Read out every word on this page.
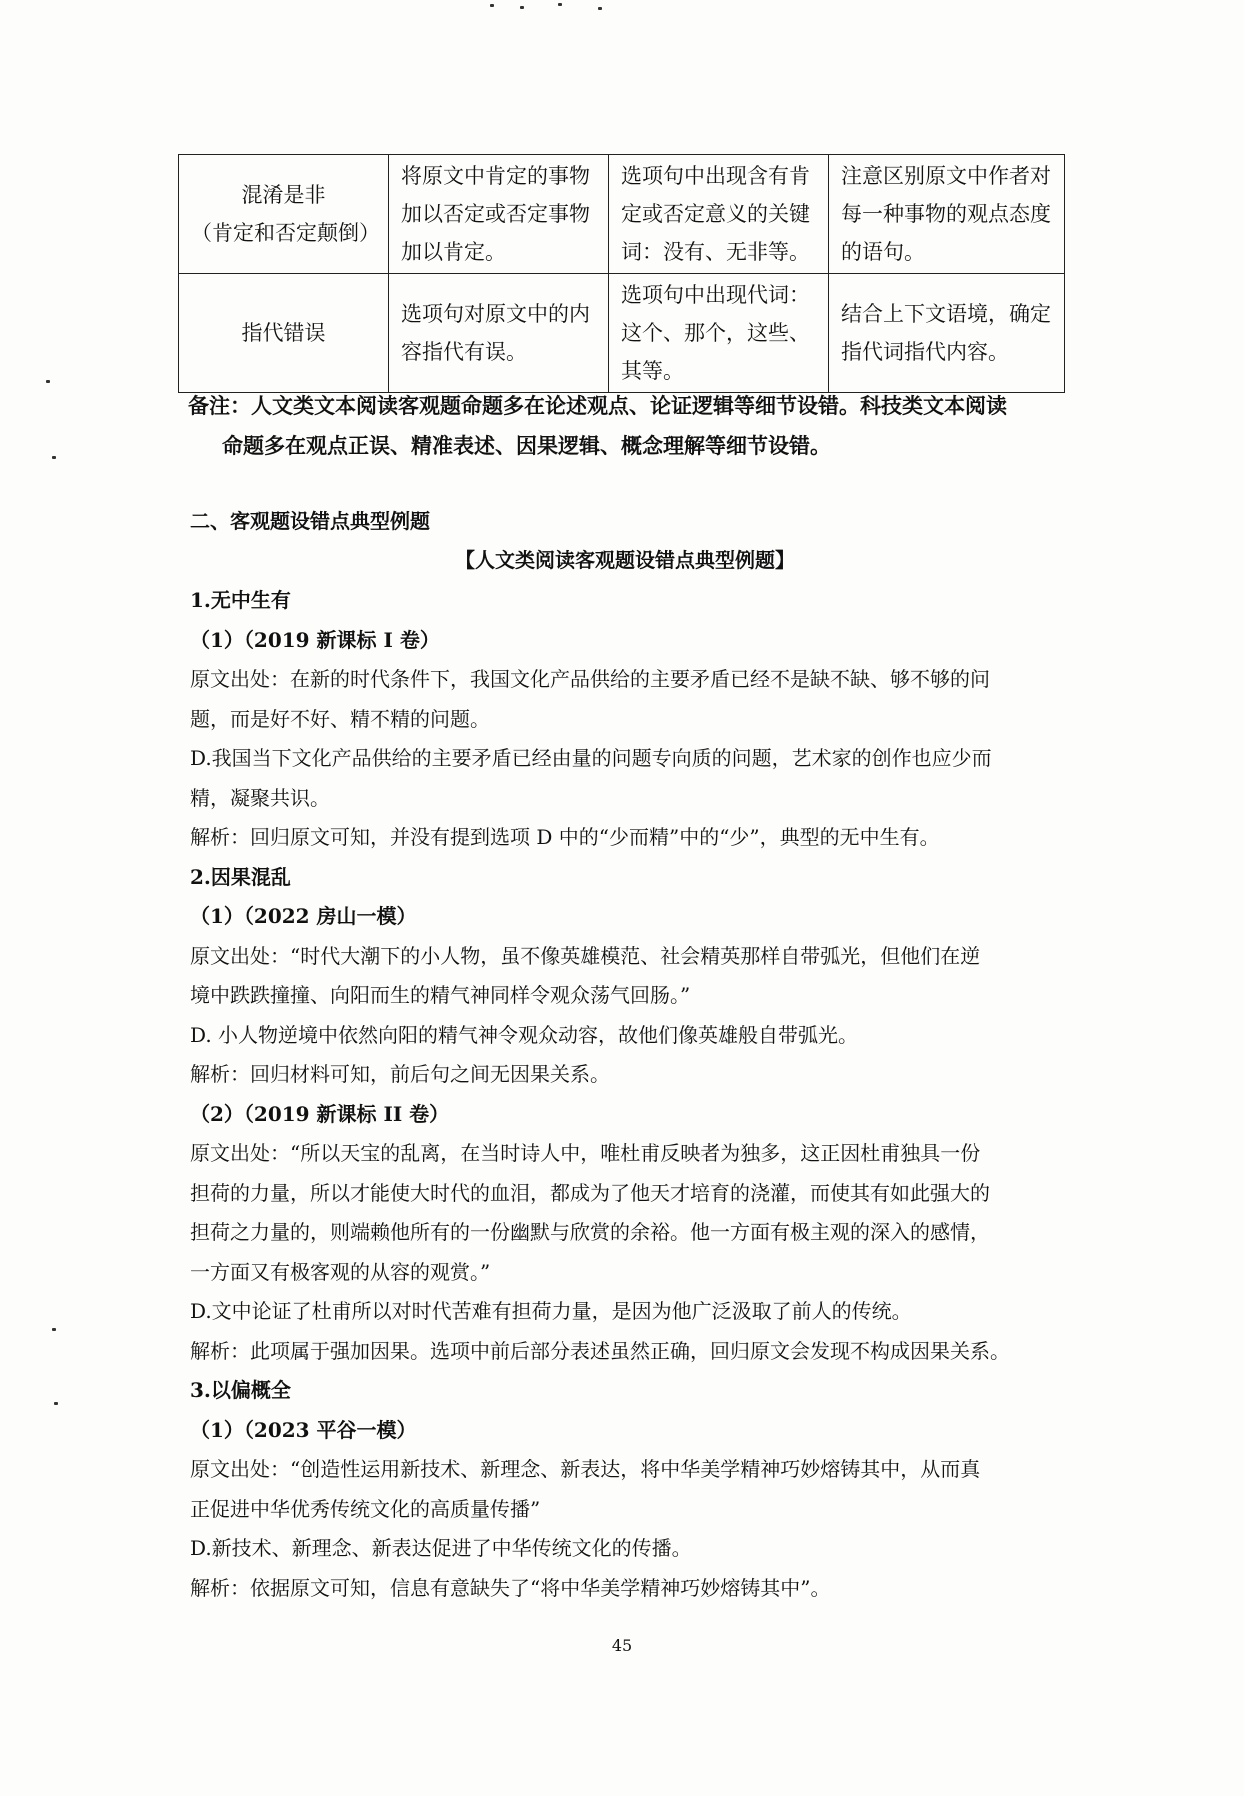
混淆是非
（肯定和否定颠倒）	将原文中肯定的事物加以否定或否定事物加以肯定。	选项句中出现含有肯定或否定意义的关键词：没有、无非等。	注意区别原文中作者对每一种事物的观点态度的语句。

指代错误	选项句对原文中的内容指代有误。	选项句中出现代词：这个、那个，这些、其等。	结合上下文语境，确定指代词指代内容。

备注：人文类文本阅读客观题命题多在论述观点、论证逻辑等细节设错。科技类文本阅读

命题多在观点正误、精准表述、因果逻辑、概念理解等细节设错。

二、客观题设错点典型例题

【人文类阅读客观题设错点典型例题】

1.无中生有

（1）（2019 新课标 I 卷）

原文出处：在新的时代条件下，我国文化产品供给的主要矛盾已经不是缺不缺、够不够的问

题，而是好不好、精不精的问题。

D.我国当下文化产品供给的主要矛盾已经由量的问题专向质的问题，艺术家的创作也应少而

精，凝聚共识。

解析：回归原文可知，并没有提到选项 D 中的“少而精”中的“少”，典型的无中生有。

2.因果混乱

（1）（2022 房山一模）

原文出处：“时代大潮下的小人物，虽不像英雄模范、社会精英那样自带弧光，但他们在逆

境中跌跌撞撞、向阳而生的精气神同样令观众荡气回肠。”

D. 小人物逆境中依然向阳的精气神令观众动容，故他们像英雄般自带弧光。

解析：回归材料可知，前后句之间无因果关系。

（2）（2019 新课标 II 卷）

原文出处：“所以天宝的乱离，在当时诗人中，唯杜甫反映者为独多，这正因杜甫独具一份

担荷的力量，所以才能使大时代的血泪，都成为了他天才培育的浇灌，而使其有如此强大的

担荷之力量的，则端赖他所有的一份幽默与欣赏的余裕。他一方面有极主观的深入的感情，

一方面又有极客观的从容的观赏。”

D.文中论证了杜甫所以对时代苦难有担荷力量，是因为他广泛汲取了前人的传统。

解析：此项属于强加因果。选项中前后部分表述虽然正确，回归原文会发现不构成因果关系。

3.以偏概全

（1）（2023 平谷一模）

原文出处：“创造性运用新技术、新理念、新表达，将中华美学精神巧妙熔铸其中，从而真

正促进中华优秀传统文化的高质量传播”

D.新技术、新理念、新表达促进了中华传统文化的传播。

解析：依据原文可知，信息有意缺失了“将中华美学精神巧妙熔铸其中”。

45
